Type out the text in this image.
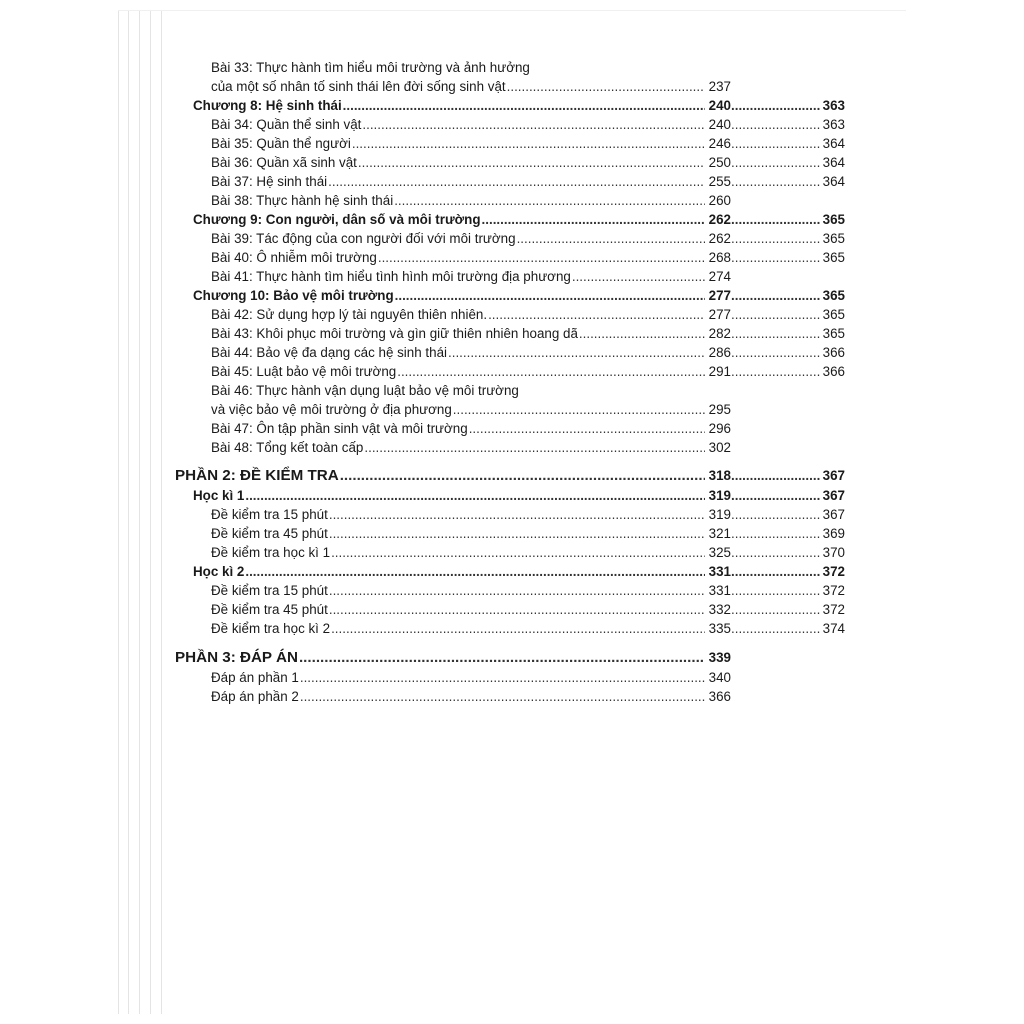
Bài 33: Thực hành tìm hiểu môi trường và ảnh hưởng
của một số nhân tố sinh thái lên đời sống sinh vật .....	237
Chương 8: Hệ sinh thái .....	240 .....	363
Bài 34: Quần thể sinh vật .....	240 .....	363
Bài 35: Quần thể người .....	246 .....	364
Bài 36: Quần xã sinh vật .....	250 .....	364
Bài 37: Hệ sinh thái .....	255 .....	364
Bài 38: Thực hành hệ sinh thái .....	260
Chương 9: Con người, dân số và môi trường .....	262 .....	365
Bài 39: Tác động của con người đối với môi trường .....	262 .....	365
Bài 40: Ô nhiễm môi trường .....	268 .....	365
Bài 41: Thực hành tìm hiểu tình hình môi trường địa phương .....	274
Chương 10: Bảo vệ môi trường .....	277 .....	365
Bài 42: Sử dụng hợp lý tài nguyên thiên nhiên. .....	277 .....	365
Bài 43: Khôi phục môi trường và gìn giữ thiên nhiên hoang dã .....	282 .....	365
Bài 44: Bảo vệ đa dạng các hệ sinh thái .....	286 .....	366
Bài 45: Luật bảo vệ môi trường .....	291 .....	366
Bài 46: Thực hành vận dụng luật bảo vệ môi trường
và việc bảo vệ môi trường ở địa phương .....	295
Bài 47: Ôn tập phần sinh vật và môi trường .....	296
Bài 48: Tổng kết toàn cấp .....	302
PHẦN 2: ĐỀ KIỂM TRA .....	318 .....	367
Học kì 1 .....	319 .....	367
Đề kiểm tra 15 phút .....	319 .....	367
Đề kiểm tra 45 phút .....	321 .....	369
Đề kiểm tra học kì 1 .....	325 .....	370
Học kì 2 .....	331 .....	372
Đề kiểm tra 15 phút .....	331 .....	372
Đề kiểm tra 45 phút .....	332 .....	372
Đề kiểm tra học kì 2 .....	335 .....	374
PHẦN 3: ĐÁP ÁN .....	339
Đáp án phần 1 .....	340
Đáp án phần 2 .....	366
